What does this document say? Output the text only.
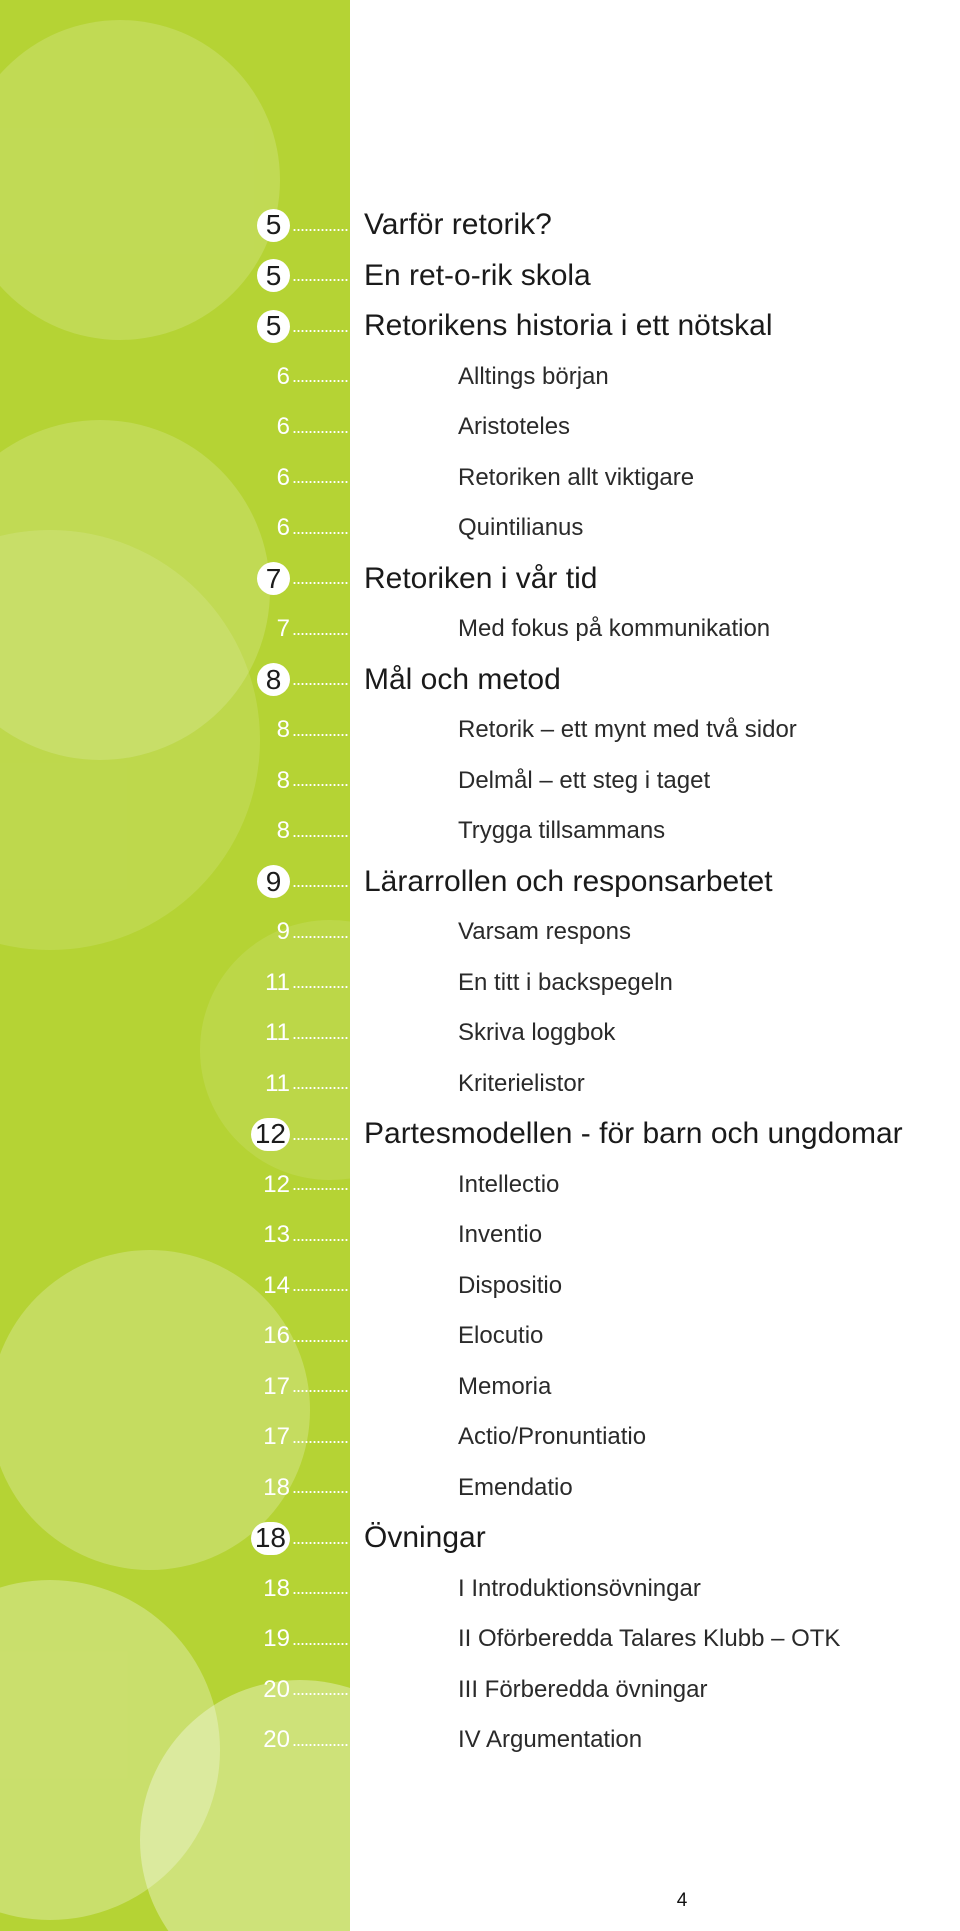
5 .............. Varför retorik?
5 .............. En ret-o-rik skola
5 .............. Retorikens historia i ett nötskal
6 ..............	Alltings början
6 ..............	Aristoteles
6 ..............	Retoriken allt viktigare
6 ..............	Quintilianus
7 .............. Retoriken i vår tid
7 ..............	Med fokus på kommunikation
8 .............. Mål och metod
8 ..............	Retorik – ett mynt med två sidor
8 ..............	Delmål – ett steg i taget
8 ..............	Trygga tillsammans
9 .............. Lärarrollen och responsarbetet
9 ..............	Varsam respons
11 ..............	En titt i backspegeln
11 ..............	Skriva loggbok
11 ..............	Kriterielistor
12 .............. Partesmodellen - för barn och ungdomar
12 ..............	Intellectio
13 ..............	Inventio
14 ..............	Dispositio
16 ..............	Elocutio
17 ..............	Memoria
17 ..............	Actio/Pronuntiatio
18 ..............	Emendatio
18 .............. Övningar
18 ..............	I Introduktionsövningar
19 ..............	II Oförberedda Talares Klubb – OTK
20 ..............	III Förberedda övningar
20 ..............	IV Argumentation
4
